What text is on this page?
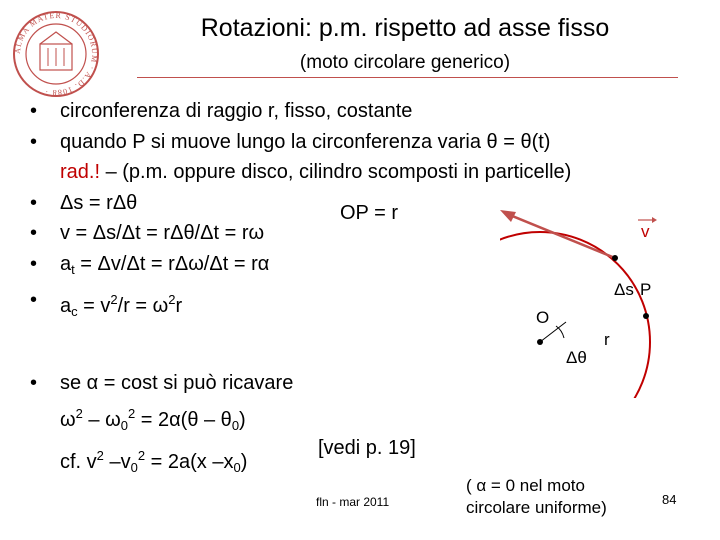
ALMA MATER STUDIORUM · A.D. 1088 ·
Rotazioni: p.m. rispetto ad asse fisso
(moto circolare generico)
• circonferenza di raggio r, fisso, costante
• quando P si muove lungo la circonferenza varia θ = θ(t)
rad.! – (p.m. oppure disco, cilindro scomposti in particelle)
• Δs = rΔθ
• v = Δs/Δt = rΔθ/Δt = rω
• $a_t = \Delta v/\Delta t = r\Delta\omega/\Delta t = r\alpha$
• $a_c = v^2/r = \omega^2r$
OP = r
• se α = cost si può ricavare
$\omega^2 - \omega_0^2 = 2\alpha(\theta - \theta_0)$
cf. $v^2$ $-v_0^2 = 2a(x$ $-x_0$)
[vedi p. 19]
v
Δs P
O
r
Δθ
fln - mar 2011
( α = 0 nel moto
circolare uniforme)	84
